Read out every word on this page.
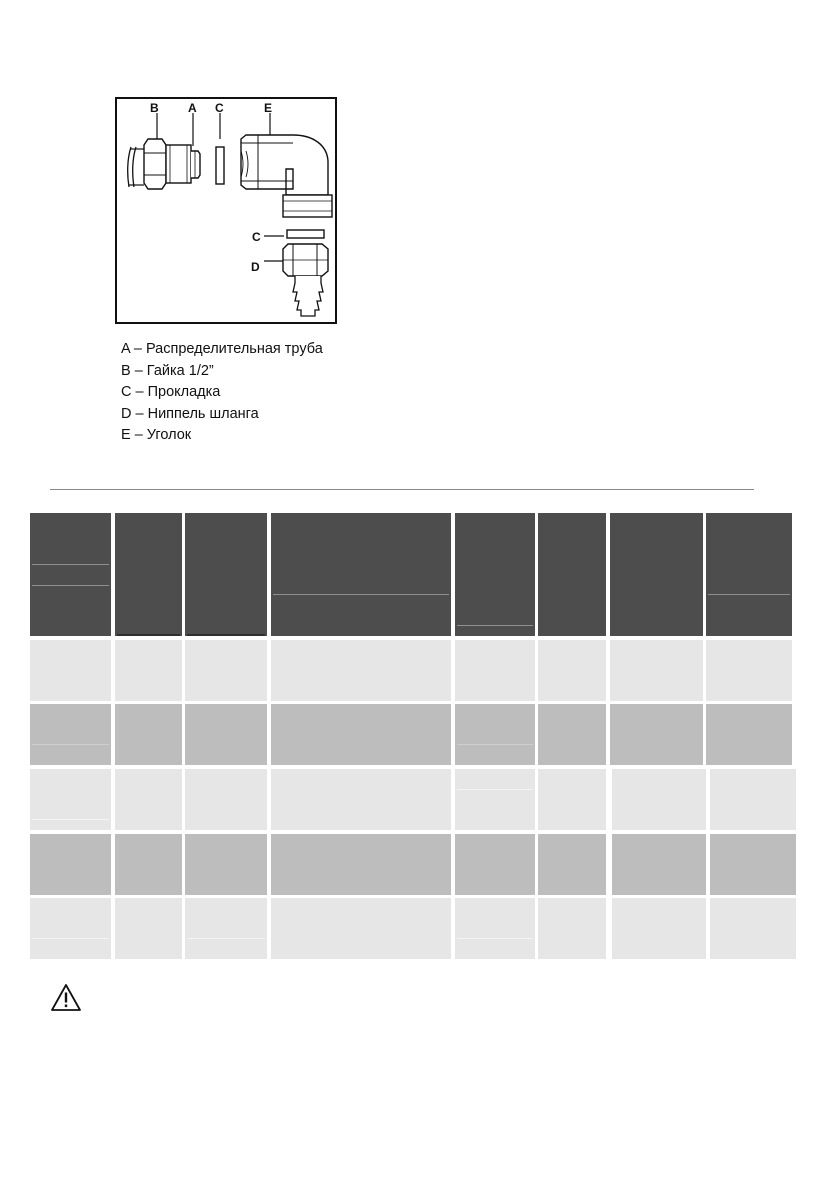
B A C	E
C
D
A – Распределительная труба
B – Гайка 1/2”
C – Прокладка
D – Ниппель шланга
E – Уголок
